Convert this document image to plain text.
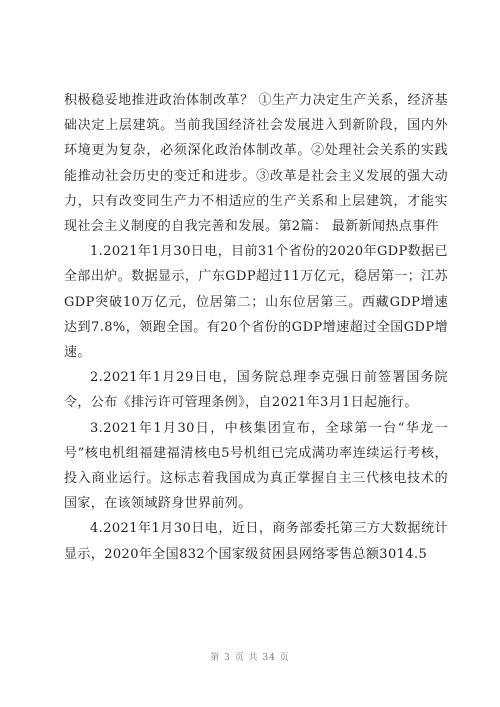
积极稳妥地推进政治体制改革？ ①生产力决定生产关系，经济基础决定上层建筑。当前我国经济社会发展进入到新阶段，国内外环境更为复杂，必须深化政治体制改革。②处理社会关系的实践能推动社会历史的变迁和进步。③改革是社会主义发展的强大动力，只有改变同生产力不相适应的生产关系和上层建筑，才能实现社会主义制度的自我完善和发展。第2篇： 最新新闻热点事件

1.2021年1月30日电，目前31个省份的2020年GDP数据已全部出炉。数据显示，广东GDP超过11万亿元，稳居第一；江苏GDP突破10万亿元，位居第二；山东位居第三。西藏GDP增速达到7.8%，领跑全国。有20个省份的GDP增速超过全国GDP增速。

2.2021年1月29日电，国务院总理李克强日前签署国务院令，公布《排污许可管理条例》，自2021年3月1日起施行。

3.2021年1月30日，中核集团宣布，全球第一台“华龙一号”核电机组福建福清核电5号机组已完成满功率连续运行考核，投入商业运行。这标志着我国成为真正掌握自主三代核电技术的国家，在该领域跻身世界前列。

4.2021年1月30日电，近日，商务部委托第三方大数据统计显示，2020年全国832个国家级贫困县网络零售总额3014.5

第 3 页 共 34 页
